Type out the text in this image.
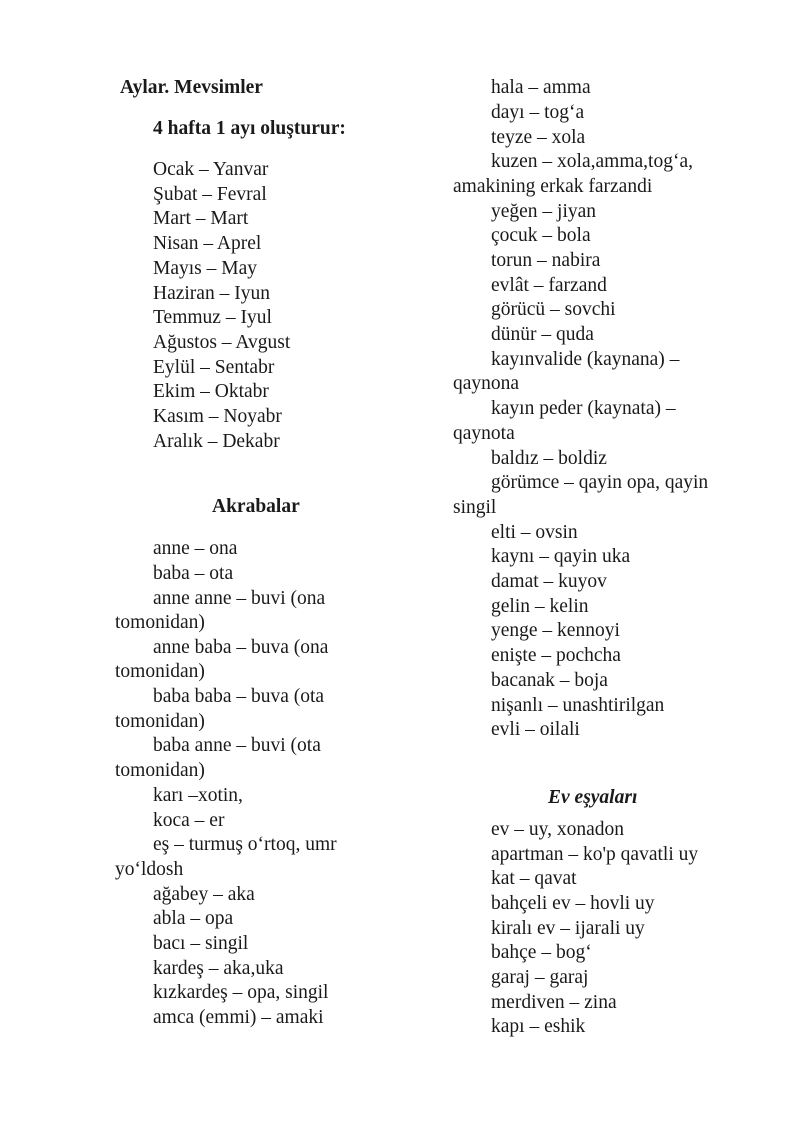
Aylar. Mevsimler
4 hafta 1 ayı oluşturur:
Ocak – Yanvar
Şubat – Fevral
Mart – Mart
Nisan – Aprel
Mayıs – May
Haziran – Iyun
Temmuz – Iyul
Ağustos – Avgust
Eylül – Sentabr
Ekim – Oktabr
Kasım – Noyabr
Aralık – Dekabr
Akrabalar
anne – ona
baba – ota
anne anne – buvi (ona
tomonidan)
anne baba – buva (ona
tomonidan)
baba baba – buva (ota
tomonidan)
baba anne – buvi (ota
tomonidan)
karı –xotin,
koca – er
eş – turmuş o‘rtoq, umr
yo‘ldosh
ağabey – aka
abla – opa
bacı – singil
kardeş – aka,uka
kızkardeş – opa, singil
amca (emmi) – amaki
hala – amma
dayı – tog‘a
teyze – xola
kuzen – xola,amma,tog‘a,
amakining erkak farzandi
yeğen – jiyan
çocuk – bola
torun – nabira
evlât – farzand
görücü – sovchi
dünür – quda
kayınvalide (kaynana) –
qaynona
kayın peder (kaynata) –
qaynota
baldız – boldiz
görümce – qayin opa, qayin
singil
elti – ovsin
kaynı – qayin uka
damat – kuyov
gelin – kelin
yenge – kennoyi
enişte – pochcha
bacanak – boja
nişanlı – unashtirilgan
evli – oilali
Ev eşyaları
ev – uy, xonadon
apartman – ko'p qavatli uy
kat – qavat
bahçeli ev – hovli uy
kiralı ev – ijarali uy
bahçe – bog‘
garaj – garaj
merdiven – zina
kapı – eshik
